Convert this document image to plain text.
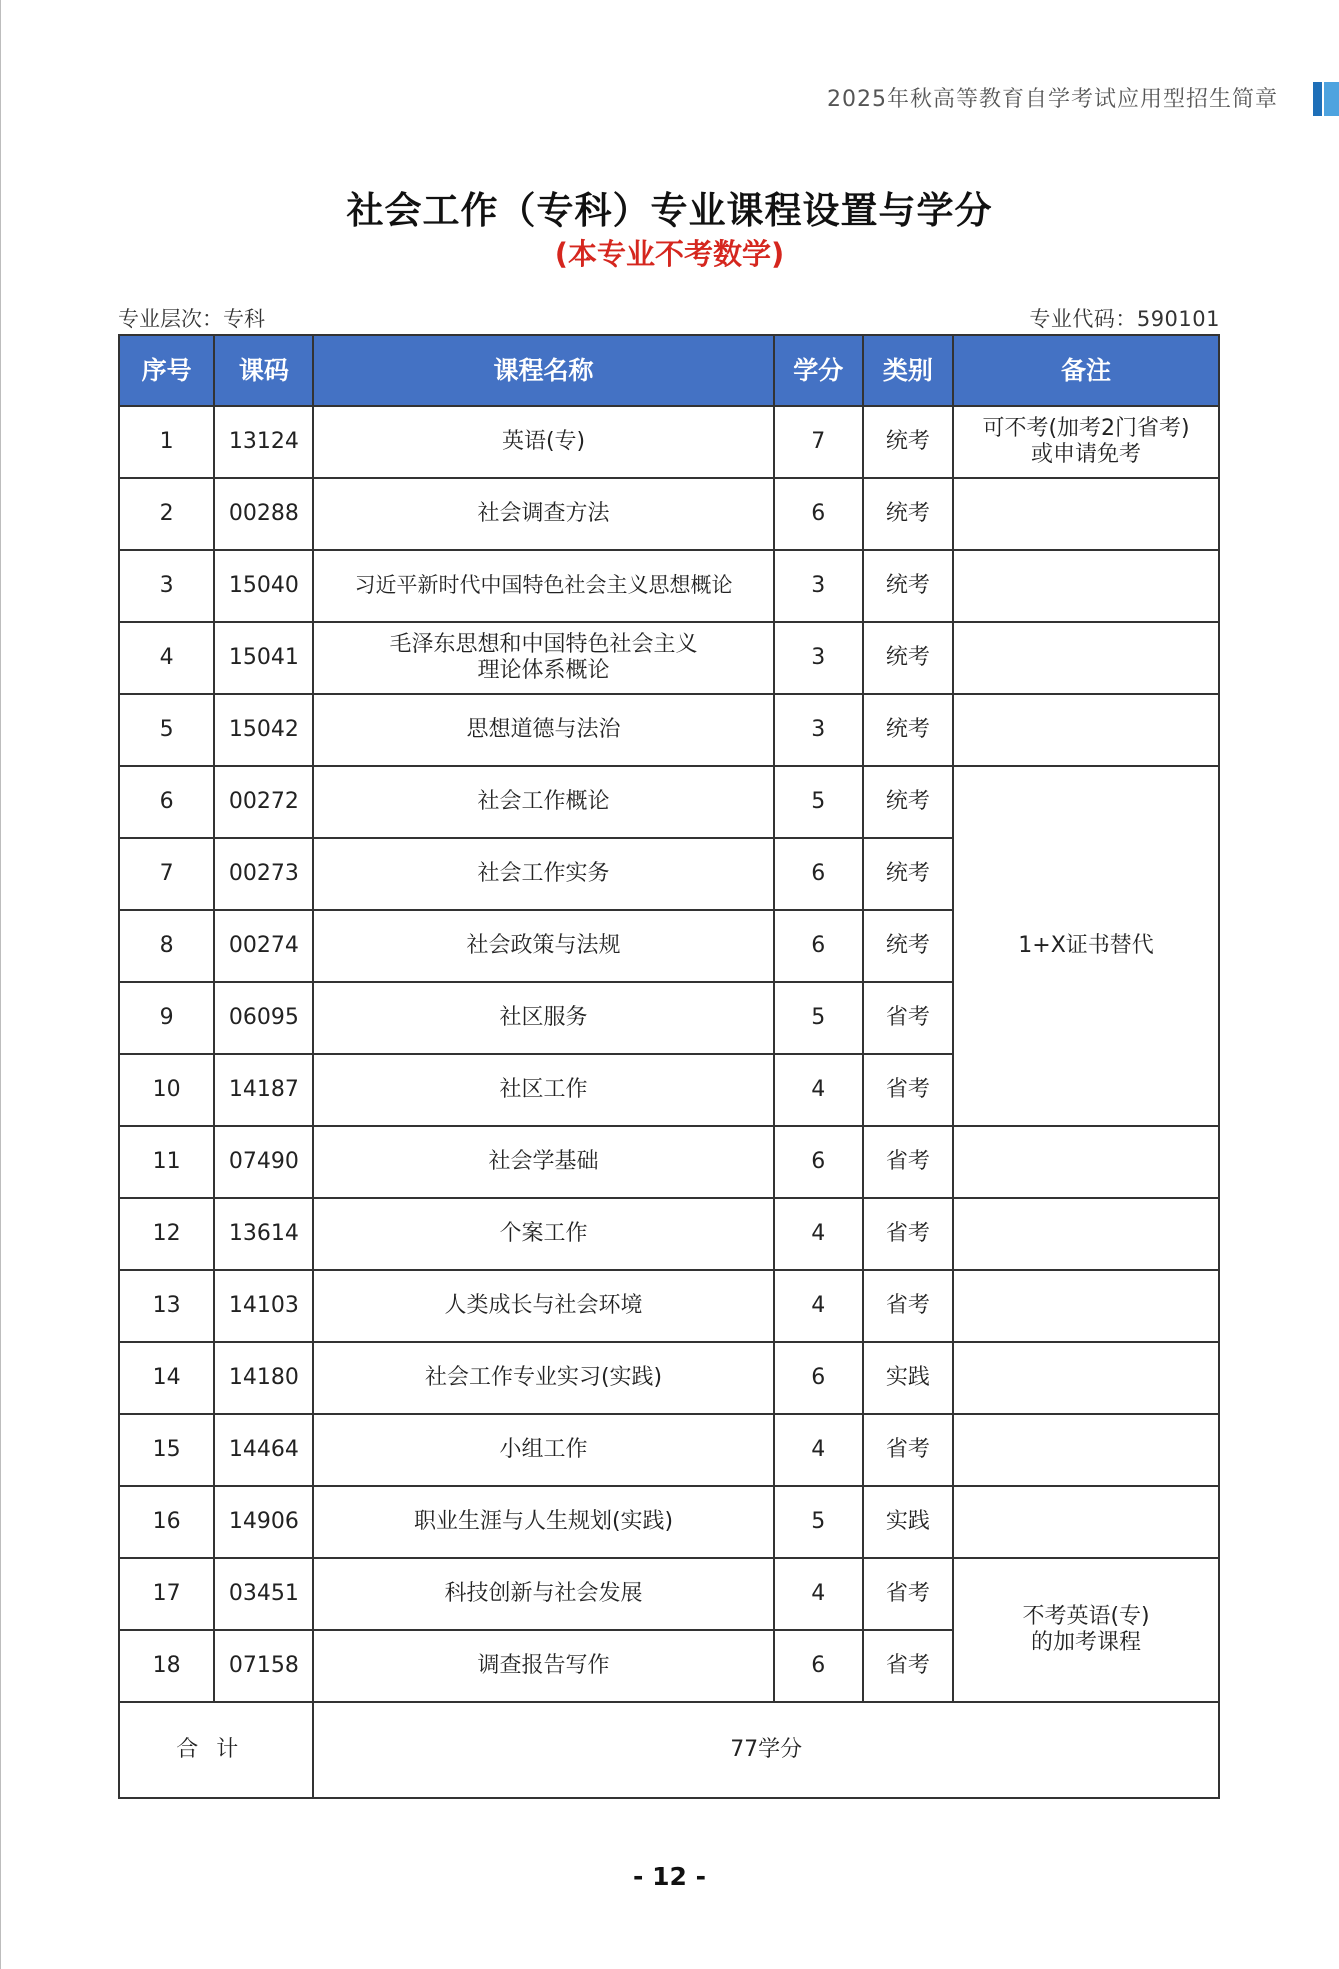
2025年秋高等教育自学考试应用型招生简章
社会工作（专科）专业课程设置与学分
(本专业不考数学)
专业层次：专科	专业代码：590101
序号	课码	课程名称	学分	类别	备注
1	13124	英语(专)	7	统考	可不考(加考2门省考)
或申请免考
2	00288	社会调查方法	6	统考	
3	15040	习近平新时代中国特色社会主义思想概论	3	统考	
4	15041	毛泽东思想和中国特色社会主义
理论体系概论	3	统考	
5	15042	思想道德与法治	3	统考	
6	00272	社会工作概论	5	统考	1+X证书替代
7	00273	社会工作实务	6	统考	
8	00274	社会政策与法规	6	统考	
9	06095	社区服务	5	省考	
10	14187	社区工作	4	省考	
11	07490	社会学基础	6	省考	
12	13614	个案工作	4	省考	
13	14103	人类成长与社会环境	4	省考	
14	14180	社会工作专业实习(实践)	6	实践	
15	14464	小组工作	4	省考	
16	14906	职业生涯与人生规划(实践)	5	实践	
17	03451	科技创新与社会发展	4	省考	不考英语(专)
的加考课程
18	07158	调查报告写作	6	省考	
合计		77学分			
- 12 -
